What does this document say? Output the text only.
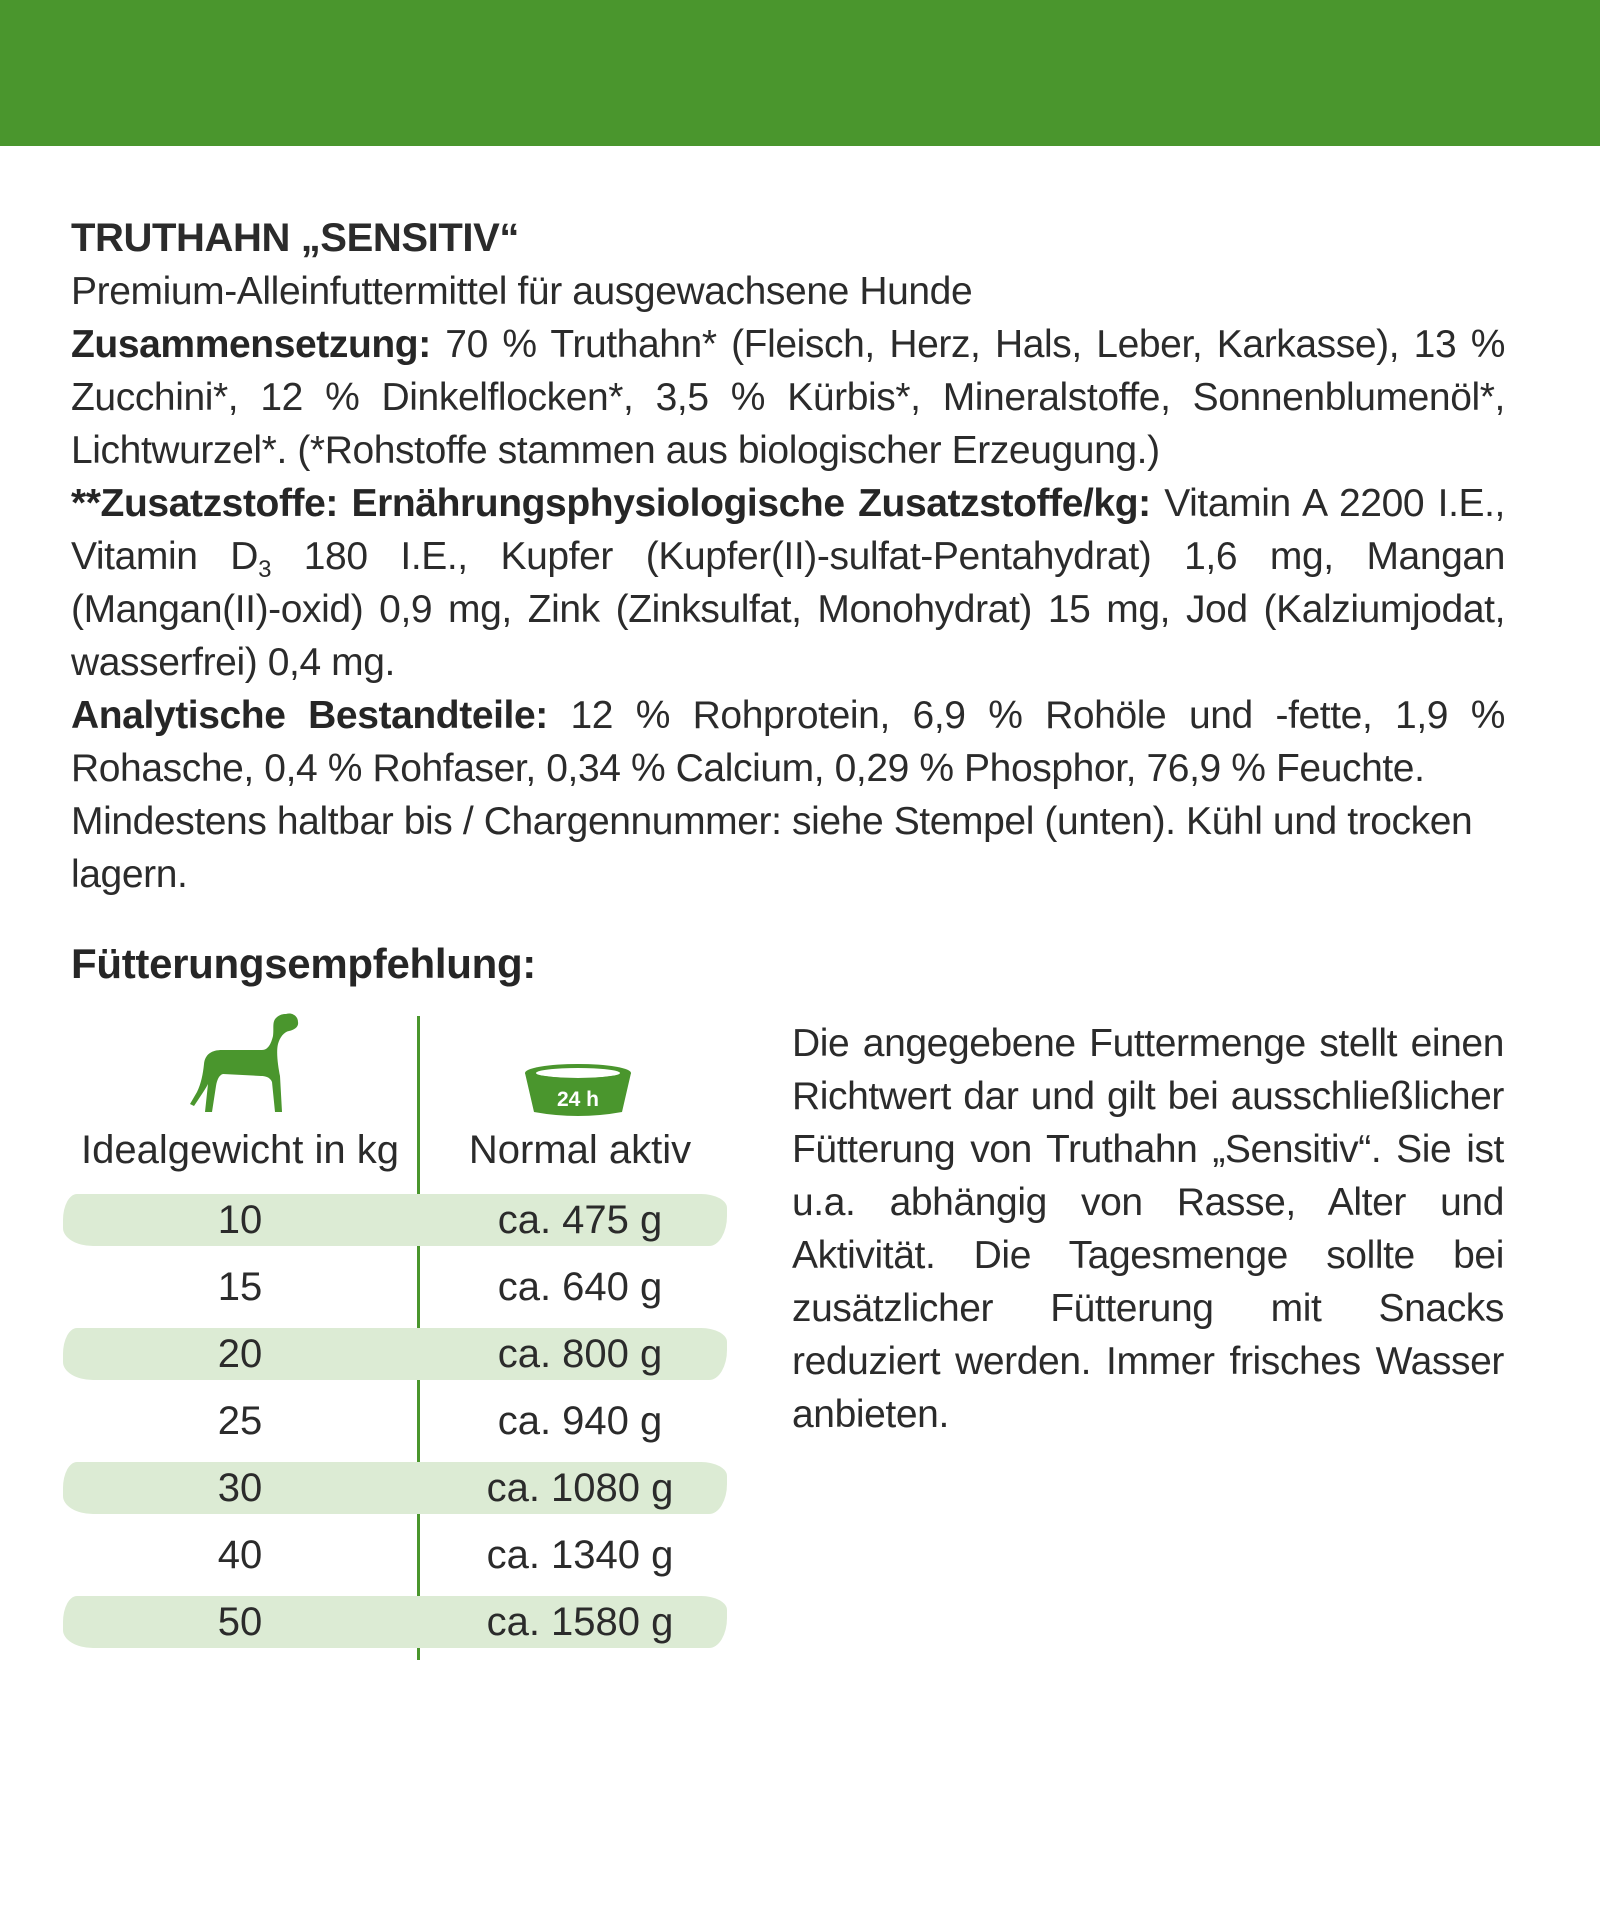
TRUTHAHN „SENSITIV“

Premium-Alleinfuttermittel für ausgewachsene Hunde

Zusammensetzung: 70 % Truthahn* (Fleisch, Herz, Hals, Leber, Karkasse), 13 % Zucchini*, 12 % Dinkelflocken*, 3,5 % Kürbis*, Mineralstoffe, Sonnenblumenöl*, Lichtwurzel*. (*Rohstoffe stammen aus biologischer Erzeugung.)

**Zusatzstoffe: Ernährungsphysiologische Zusatzstoffe/kg: Vitamin A 2200 I.E., Vitamin $D_3$ 180 I.E., Kupfer (Kupfer(II)-sulfat-Pentahydrat) 1,6 mg, Mangan (Mangan(II)-oxid) 0,9 mg, Zink (Zinksulfat, Monohydrat) 15 mg, Jod (Kalziumjodat, wasserfrei) 0,4 mg.

Analytische Bestandteile: 12 % Rohprotein, 6,9 % Rohöle und -fette, 1,9 % Rohasche, 0,4 % Rohfaser, 0,34 % Calcium, 0,29 % Phosphor, 76,9 % Feuchte.

Mindestens haltbar bis / Chargennummer: siehe Stempel (unten). Kühl und trocken lagern.

Fütterungsempfehlung:
24 h
Idealgewicht in kg	Normal aktiv
10	ca. 475 g
15	ca. 640 g
20	ca. 800 g
25	ca. 940 g
30	ca. 1080 g
40	ca. 1340 g
50	ca. 1580 g

Die angegebene Futtermenge stellt einen Richtwert dar und gilt bei ausschließlicher Fütterung von Truthahn „Sensitiv“. Sie ist u.a. abhängig von Rasse, Alter und Aktivität. Die Tagesmenge sollte bei zusätzlicher Fütterung mit Snacks reduziert werden. Immer frisches Wasser anbieten.
